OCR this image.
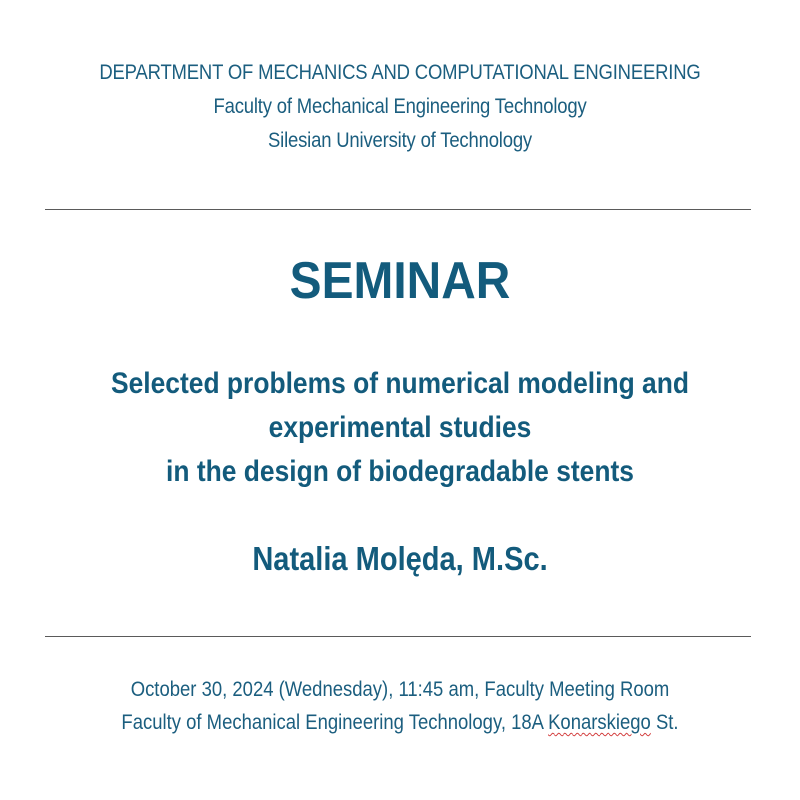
DEPARTMENT OF MECHANICS AND COMPUTATIONAL ENGINEERING
Faculty of Mechanical Engineering Technology
Silesian University of Technology
SEMINAR
Selected problems of numerical modeling and
experimental studies
in the design of biodegradable stents
Natalia Molęda, M.Sc.
October 30, 2024 (Wednesday), 11:45 am, Faculty Meeting Room
Faculty of Mechanical Engineering Technology, 18A Konarskiego St.
